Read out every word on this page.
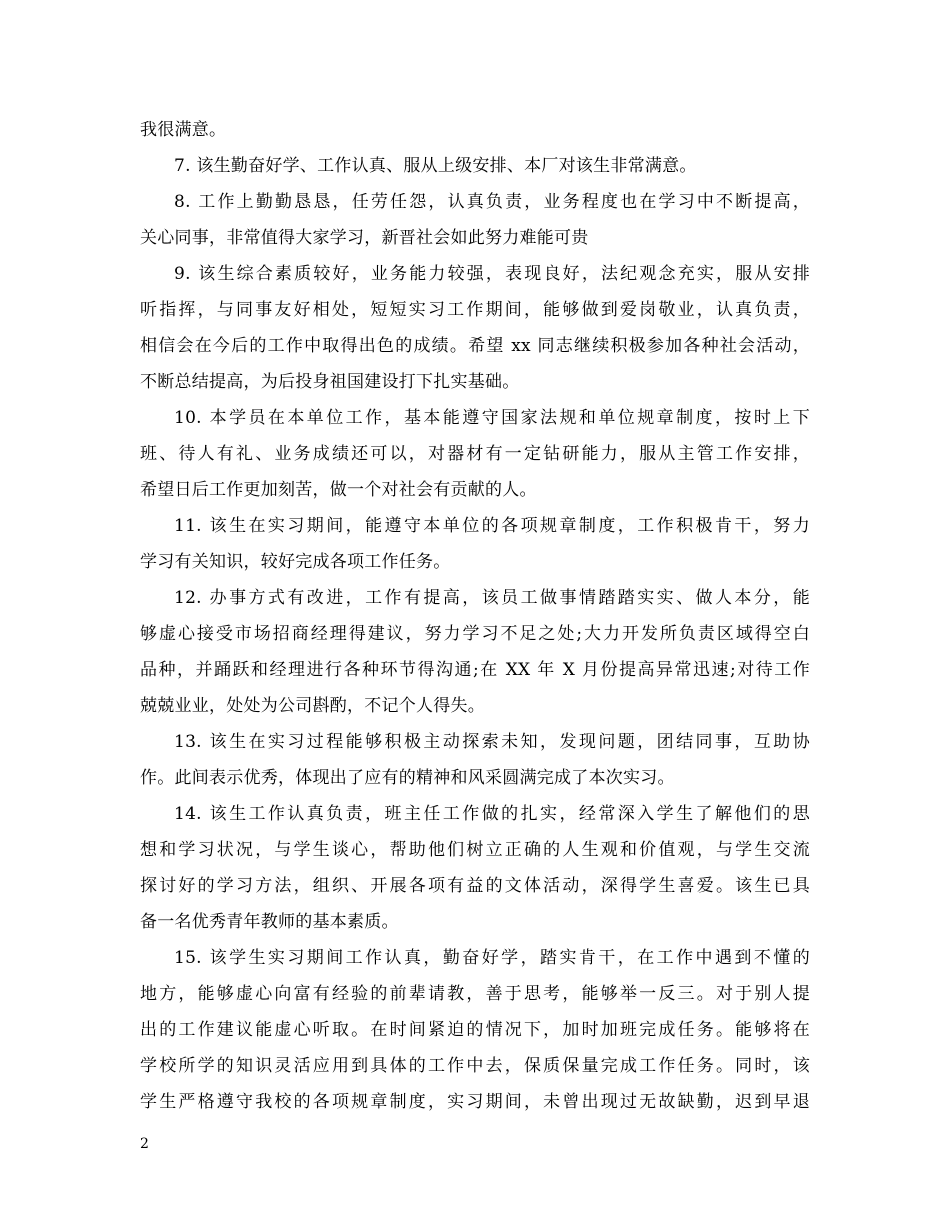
我很满意。
7. 该生勤奋好学、工作认真、服从上级安排、本厂对该生非常满意。
8. 工作上勤勤恳恳，任劳任怨，认真负责，业务程度也在学习中不断提高，
关心同事，非常值得大家学习，新晋社会如此努力难能可贵
9. 该生综合素质较好，业务能力较强，表现良好，法纪观念充实，服从安排
听指挥，与同事友好相处，短短实习工作期间，能够做到爱岗敬业，认真负责，
相信会在今后的工作中取得出色的成绩。希望 xx 同志继续积极参加各种社会活动，
不断总结提高，为后投身祖国建设打下扎实基础。
10. 本学员在本单位工作，基本能遵守国家法规和单位规章制度，按时上下
班、待人有礼、业务成绩还可以，对器材有一定钻研能力，服从主管工作安排，
希望日后工作更加刻苦，做一个对社会有贡献的人。
11. 该生在实习期间，能遵守本单位的各项规章制度，工作积极肯干，努力
学习有关知识，较好完成各项工作任务。
12. 办事方式有改进，工作有提高，该员工做事情踏踏实实、做人本分，能
够虚心接受市场招商经理得建议，努力学习不足之处;大力开发所负责区域得空白
品种，并踊跃和经理进行各种环节得沟通;在 XX 年 X 月份提高异常迅速;对待工作
兢兢业业，处处为公司斟酌，不记个人得失。
13. 该生在实习过程能够积极主动探索未知，发现问题，团结同事，互助协
作。此间表示优秀，体现出了应有的精神和风采圆满完成了本次实习。
14. 该生工作认真负责，班主任工作做的扎实，经常深入学生了解他们的思
想和学习状况，与学生谈心，帮助他们树立正确的人生观和价值观，与学生交流
探讨好的学习方法，组织、开展各项有益的文体活动，深得学生喜爱。该生已具
备一名优秀青年教师的基本素质。
15. 该学生实习期间工作认真，勤奋好学，踏实肯干，在工作中遇到不懂的
地方，能够虚心向富有经验的前辈请教，善于思考，能够举一反三。对于别人提
出的工作建议能虚心听取。在时间紧迫的情况下，加时加班完成任务。能够将在
学校所学的知识灵活应用到具体的工作中去，保质保量完成工作任务。同时，该
学生严格遵守我校的各项规章制度，实习期间，未曾出现过无故缺勤，迟到早退
2
